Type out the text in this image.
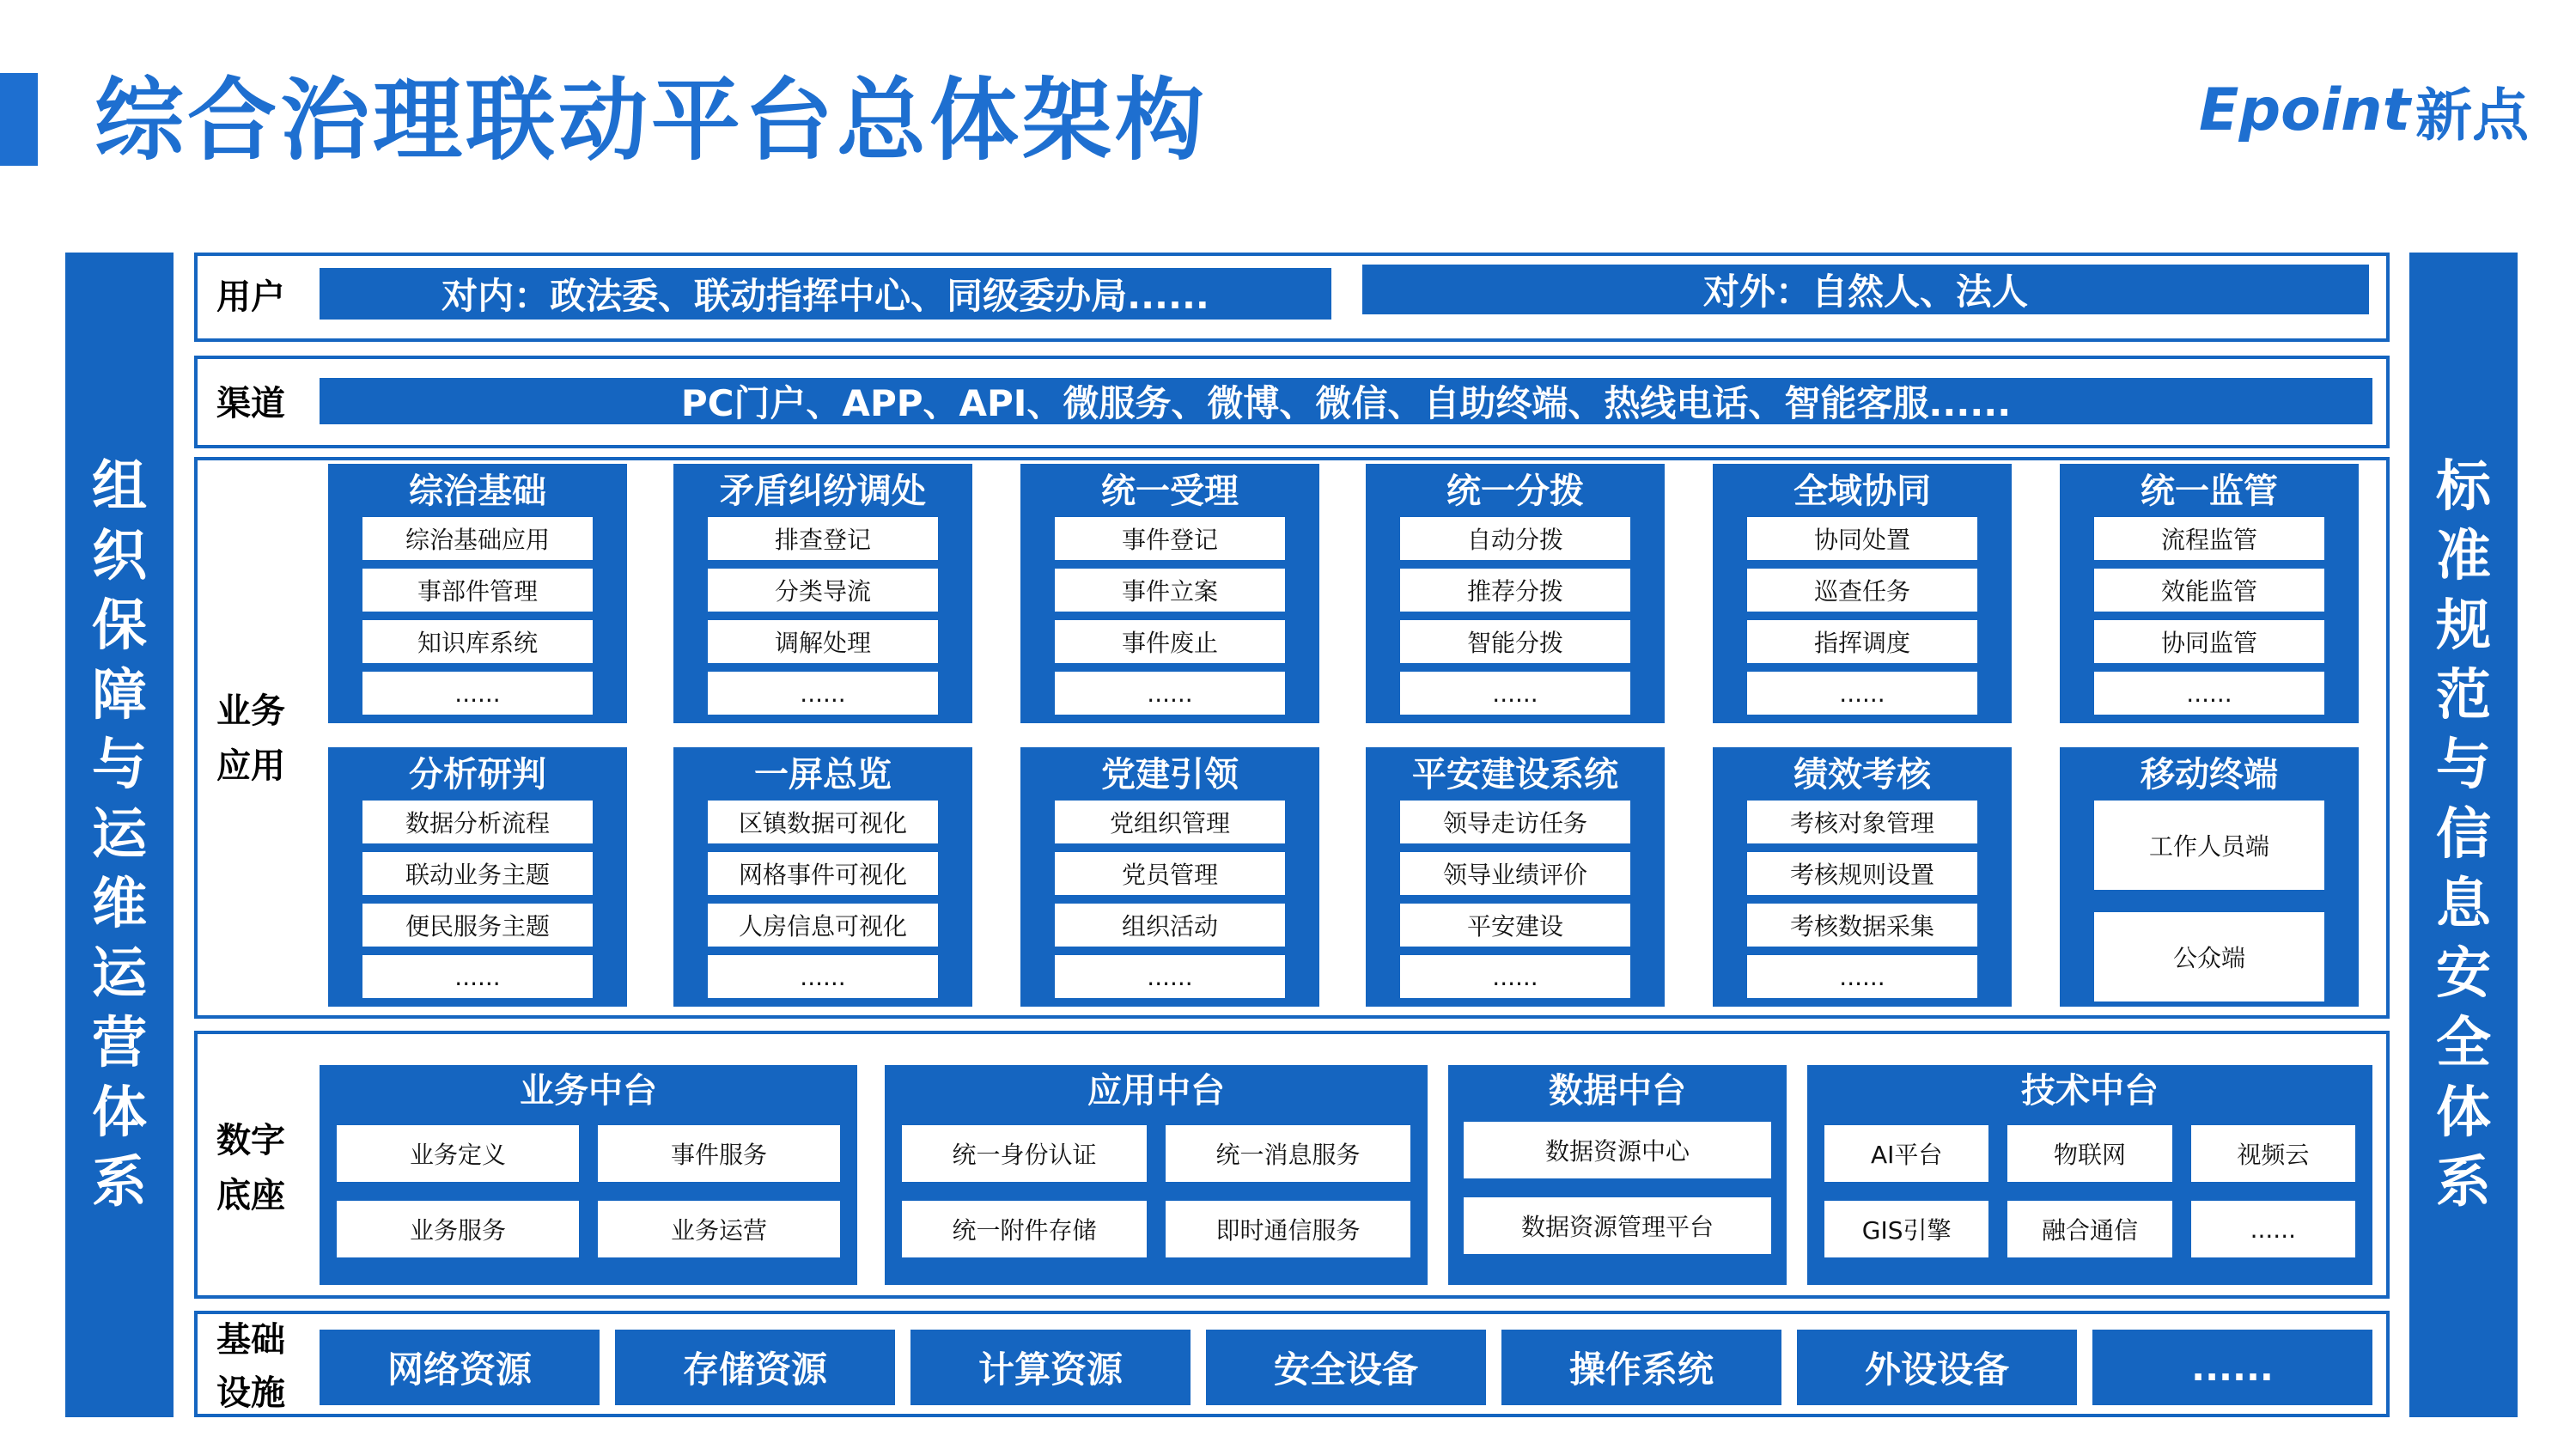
综合治理联动平台总体架构	Epoint 新点
组
织
保
障
与
运
维
运
营
体
系
标
准
规
范
与
信
息
安
全
体
系
用户	对内：政法委、联动指挥中心、同级委办局......	对外：自然人、法人
渠道	PC门户、APP、API、微服务、微博、微信、自助终端、热线电话、智能客服......
业务
应用
综治基础
综治基础应用
事部件管理
知识库系统
......
矛盾纠纷调处
排查登记
分类导流
调解处理
......
统一受理
事件登记
事件立案
事件废止
......
统一分拨
自动分拨
推荐分拨
智能分拨
......
全域协同
协同处置
巡查任务
指挥调度
......
统一监管
流程监管
效能监管
协同监管
......
分析研判
数据分析流程
联动业务主题
便民服务主题
......
一屏总览
区镇数据可视化
网格事件可视化
人房信息可视化
......
党建引领
党组织管理
党员管理
组织活动
......
平安建设系统
领导走访任务
领导业绩评价
平安建设
......
绩效考核
考核对象管理
考核规则设置
考核数据采集
......
移动终端
工作人员端
公众端
数字
底座
业务中台
业务定义	事件服务
业务服务	业务运营
应用中台
统一身份认证	统一消息服务
统一附件存储	即时通信服务
数据中台
数据资源中心
数据资源管理平台
技术中台
AI平台	物联网	视频云
GIS引擎	融合通信	......
基础
设施
网络资源	存储资源	计算资源	安全设备	操作系统	外设设备	......
